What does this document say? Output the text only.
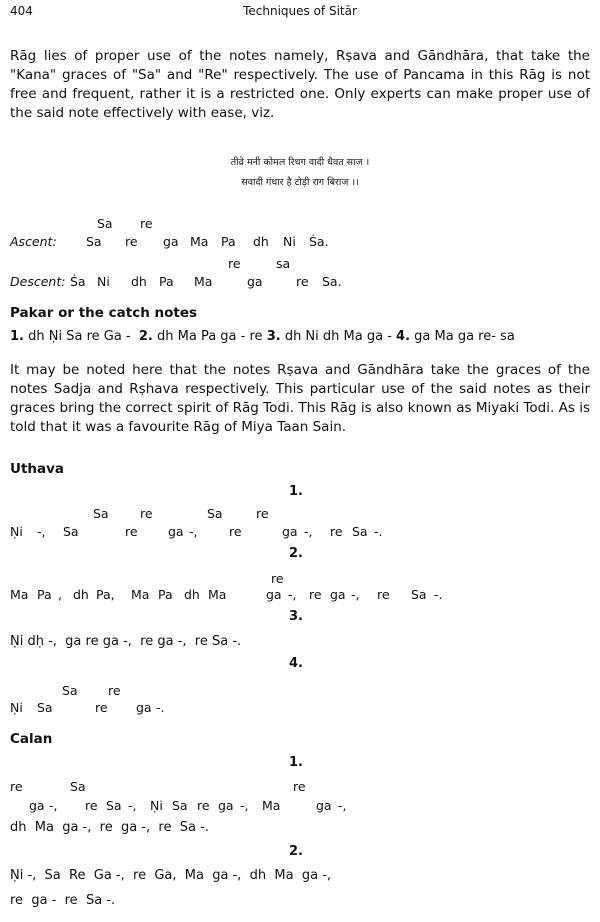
404	Techniques of Sitār
Rāg lies of proper use of the notes namely, Rṣava and Gāndhāra, that take the "Kana" graces of "Sa" and "Re" respectively. The use of Pancama in this Rāg is not free and frequent, rather it is a restricted one. Only experts can make proper use of the said note effectively with ease, viz.
तीव्रे मनी कोमल रिधग वादी धैवत साज ।
सवादी गंधार है टोड़ी राग बिराज ।।
Sa re
Ascent: Sa re ga Ma Pa dh Ni Ṡa.
re	sa
Descent: Ṡa Ni dh Pa Ma	ga	re Sa.
Pakar or the catch notes
1. dh Ṇi Sa re Ga - 2. dh Ma Pa ga - re 3. dh Ni dh Ma ga - 4. ga Ma ga re- sa
It may be noted here that the notes Rṣava and Gāndhāra take the graces of the notes Sadja and Rṣhava respectively. This particular use of the said notes as their graces bring the correct spirit of Rāg Todi. This Rāg is also known as Miyaki Todi. As is told that it was a favourite Rāg of Miya Taan Sain.
Uthava
1.
Sa	re	Sa	re
Ṇi -, Sa	re ga -,	re	ga -, re Sa -.
2.
re
Ma Pa , dh Pa, Ma Pa dh Ma	ga -, re ga -, re Sa -.
3.
Ṇi dḥ -,  ga re ga -,  re ga -,  re Sa -.
4.
Sa re
Ṇi Sa	re ga -.
Calan
1.
re	Sa	re
ga -, re Sa -, Ṇi Sa re ga -, Ma	ga -,
dh  Ma  ga -,  re  ga -,  re  Sa -.
2.
Ṇi -,  Sa  Re  Ga -,  re  Ga,  Ma  ga -,  dh  Ma  ga -,
re  ga -  re  Sa -.
